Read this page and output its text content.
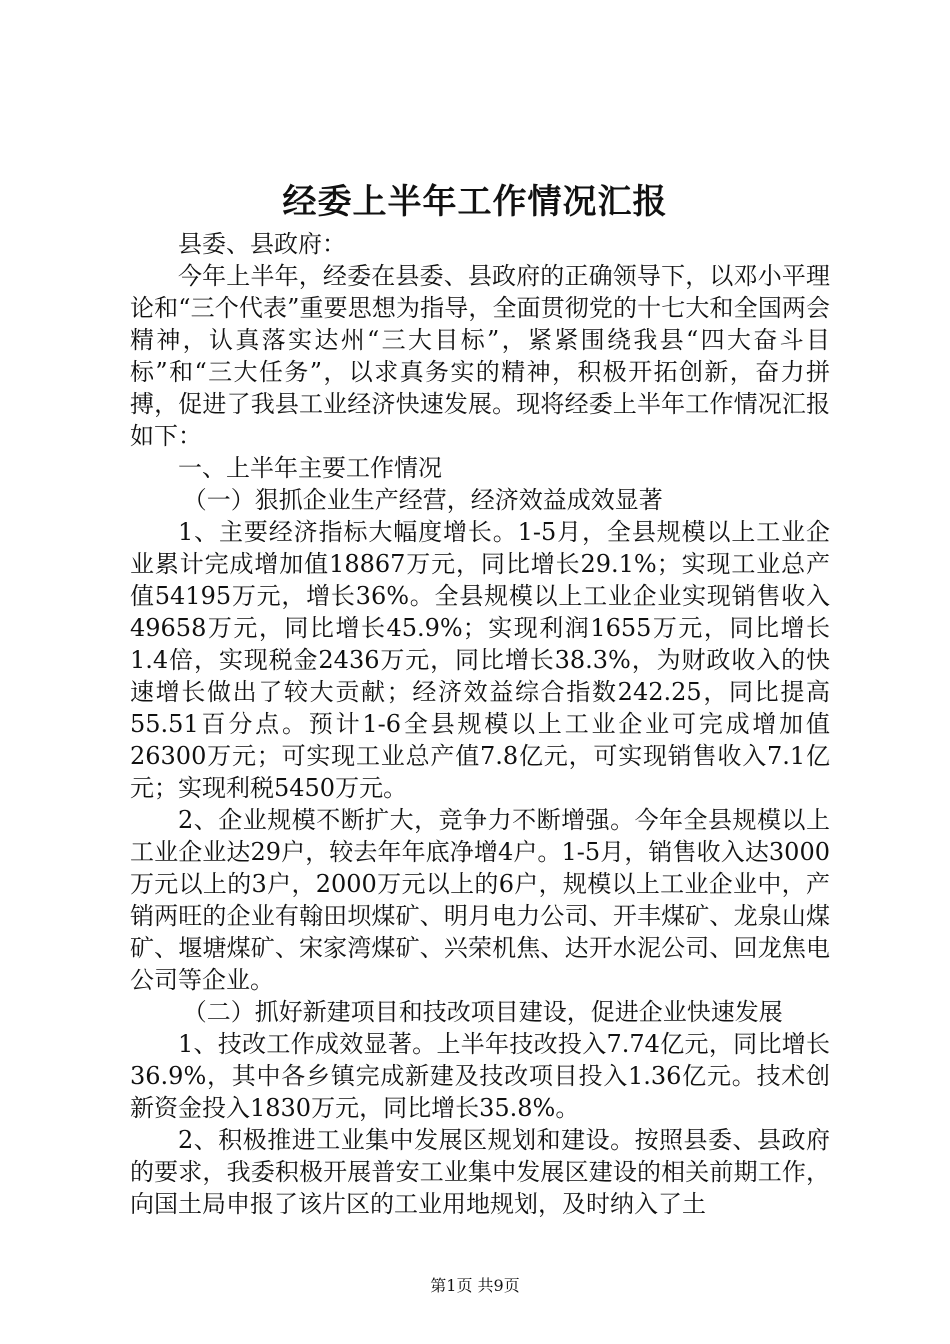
经委上半年工作情况汇报

县委、县政府：

今年上半年，经委在县委、县政府的正确领导下，以邓小平理论和“三个代表”重要思想为指导，全面贯彻党的十七大和全国两会精神，认真落实达州“三大目标”，紧紧围绕我县“四大奋斗目标”和“三大任务”，以求真务实的精神，积极开拓创新，奋力拼搏，促进了我县工业经济快速发展。现将经委上半年工作情况汇报如下：

一、上半年主要工作情况

（一）狠抓企业生产经营，经济效益成效显著

1、主要经济指标大幅度增长。1-5月，全县规模以上工业企业累计完成增加值18867万元，同比增长29.1%；实现工业总产值54195万元，增长36%。全县规模以上工业企业实现销售收入49658万元，同比增长45.9%；实现利润1655万元，同比增长1.4倍，实现税金2436万元，同比增长38.3%，为财政收入的快速增长做出了较大贡献；经济效益综合指数242.25，同比提高55.51百分点。预计1-6全县规模以上工业企业可完成增加值26300万元；可实现工业总产值7.8亿元，可实现销售收入7.1亿元；实现利税5450万元。

2、企业规模不断扩大，竞争力不断增强。今年全县规模以上工业企业达29户，较去年年底净增4户。1-5月，销售收入达3000万元以上的3户，2000万元以上的6户，规模以上工业企业中，产销两旺的企业有翰田坝煤矿、明月电力公司、开丰煤矿、龙泉山煤矿、堰塘煤矿、宋家湾煤矿、兴荣机焦、达开水泥公司、回龙焦电公司等企业。

（二）抓好新建项目和技改项目建设，促进企业快速发展

1、技改工作成效显著。上半年技改投入7.74亿元，同比增长36.9%，其中各乡镇完成新建及技改项目投入1.36亿元。技术创新资金投入1830万元，同比增长35.8%。

2、积极推进工业集中发展区规划和建设。按照县委、县政府的要求，我委积极开展普安工业集中发展区建设的相关前期工作，向国土局申报了该片区的工业用地规划，及时纳入了土

第1页 共9页
